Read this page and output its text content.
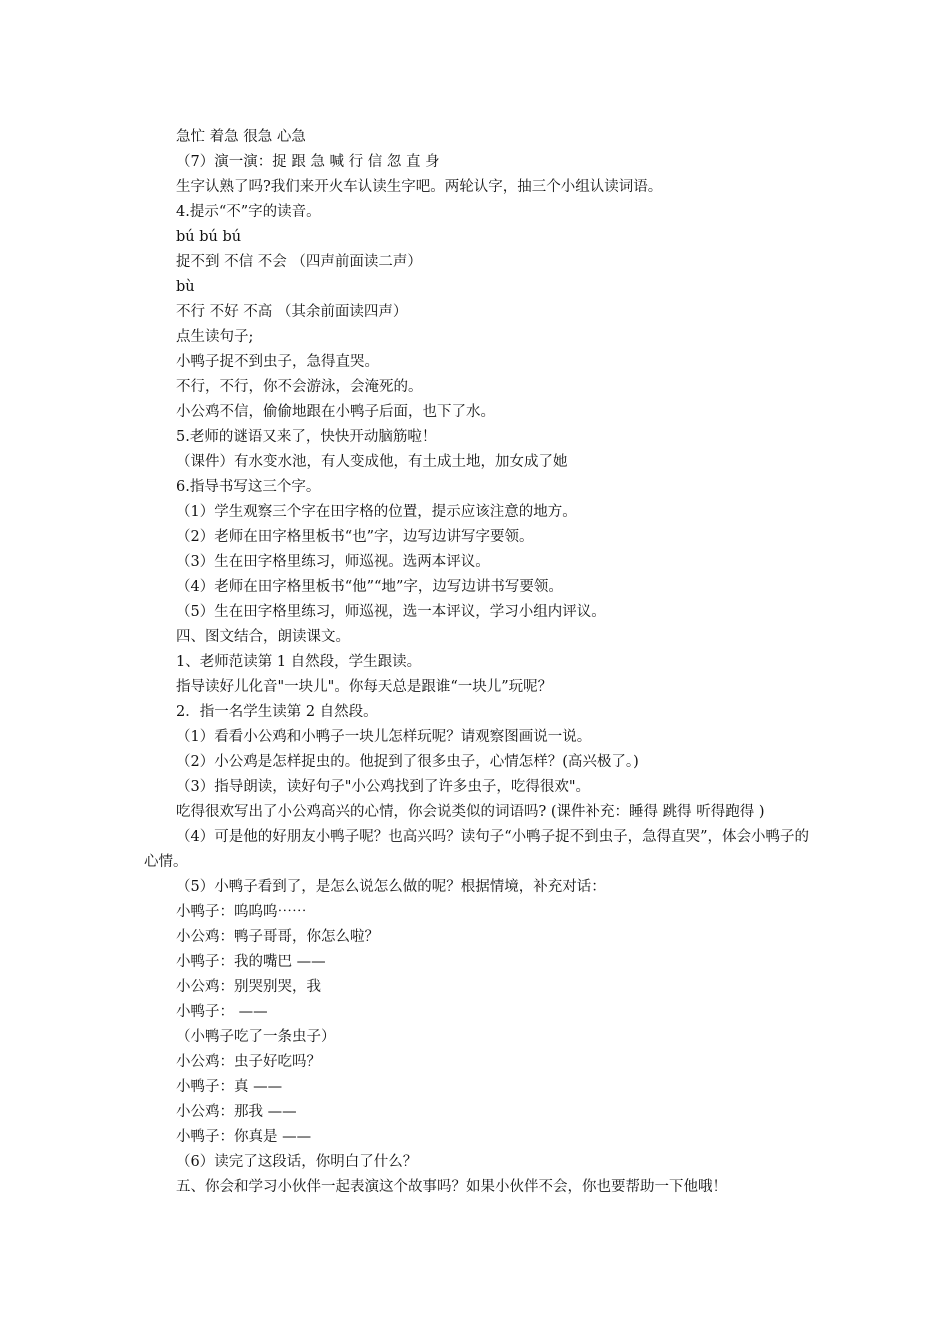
急忙 着急 很急 心急
（7）演一演：捉 跟 急 喊 行 信 忽 直 身
生字认熟了吗?我们来开火车认读生字吧。两轮认字，抽三个小组认读词语。
4.提示“不”字的读音。
bú bú bú
捉不到 不信 不会 （四声前面读二声）
bù
不行 不好 不高 （其余前面读四声）
点生读句子;
小鸭子捉不到虫子，急得直哭。
不行，不行，你不会游泳，会淹死的。
小公鸡不信，偷偷地跟在小鸭子后面，也下了水。
5.老师的谜语又来了，快快开动脑筋啦！
（课件）有水变水池，有人变成他，有土成土地，加女成了她
6.指导书写这三个字。
（1）学生观察三个字在田字格的位置，提示应该注意的地方。
（2）老师在田字格里板书“也”字，边写边讲写字要领。
（3）生在田字格里练习，师巡视。选两本评议。
（4）老师在田字格里板书“他”“地”字，边写边讲书写要领。
（5）生在田字格里练习，师巡视，选一本评议，学习小组内评议。
四、图文结合，朗读课文。
1、老师范读第 1 自然段，学生跟读。
指导读好儿化音"一块儿"。你每天总是跟谁“一块儿”玩呢？
2．指一名学生读第 2 自然段。
（1）看看小公鸡和小鸭子一块儿怎样玩呢？请观察图画说一说。
（2）小公鸡是怎样捉虫的。他捉到了很多虫子，心情怎样？(高兴极了。)
（3）指导朗读，读好句子"小公鸡找到了许多虫子，吃得很欢"。
吃得很欢写出了小公鸡高兴的心情，你会说类似的词语吗? (课件补充：睡得 跳得 听得跑得 )
（4）可是他的好朋友小鸭子呢？也高兴吗？读句子“小鸭子捉不到虫子，急得直哭”，体会小鸭子的心情。
（5）小鸭子看到了，是怎么说怎么做的呢？根据情境，补充对话：
小鸭子：呜呜呜⋯⋯
小公鸡：鸭子哥哥，你怎么啦？
小鸭子：我的嘴巴 ——
小公鸡：别哭别哭，我
小鸭子： ——
（小鸭子吃了一条虫子）
小公鸡：虫子好吃吗？
小鸭子：真 ——
小公鸡：那我 ——
小鸭子：你真是 ——
（6）读完了这段话，你明白了什么？
五、你会和学习小伙伴一起表演这个故事吗？如果小伙伴不会，你也要帮助一下他哦！
